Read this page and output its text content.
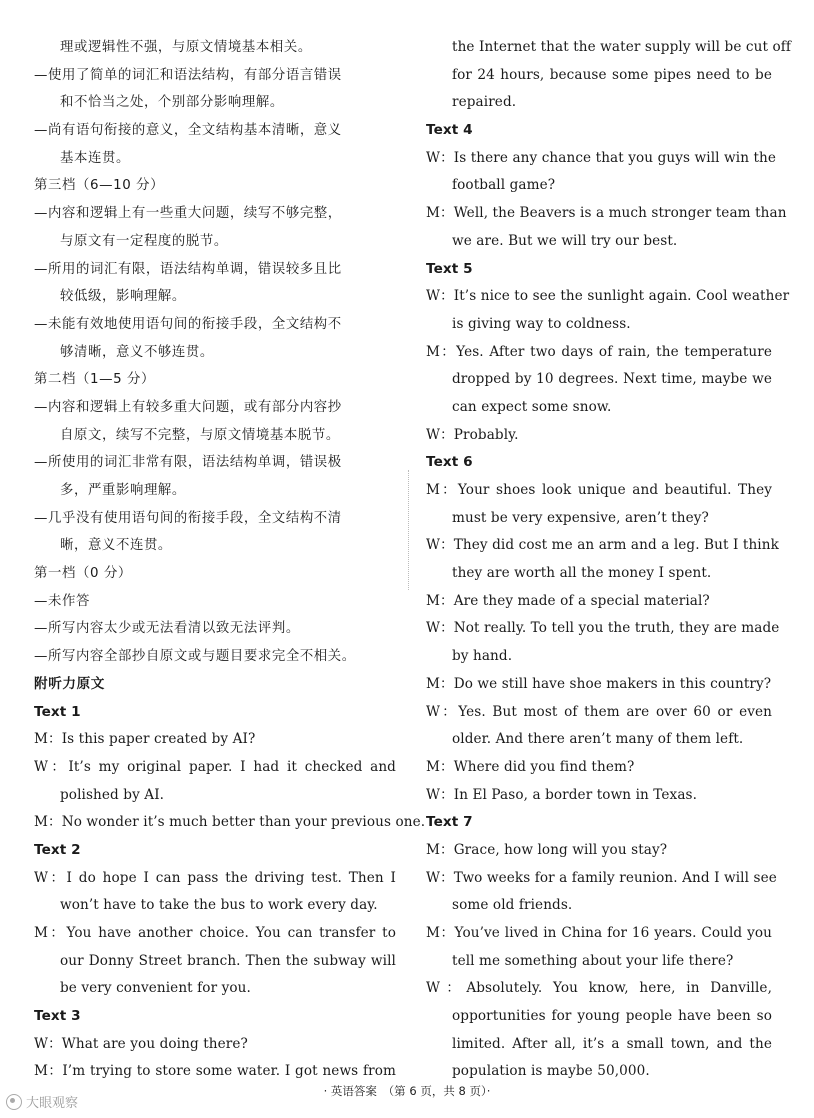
理或逻辑性不强，与原文情境基本相关。
—使用了简单的词汇和语法结构，有部分语言错误
和不恰当之处，个别部分影响理解。
—尚有语句衔接的意义，全文结构基本清晰，意义
基本连贯。
第三档（6—10 分）
—内容和逻辑上有一些重大问题，续写不够完整，
与原文有一定程度的脱节。
—所用的词汇有限，语法结构单调，错误较多且比
较低级，影响理解。
—未能有效地使用语句间的衔接手段，全文结构不
够清晰，意义不够连贯。
第二档（1—5 分）
—内容和逻辑上有较多重大问题，或有部分内容抄
自原文，续写不完整，与原文情境基本脱节。
—所使用的词汇非常有限，语法结构单调，错误极
多，严重影响理解。
—几乎没有使用语句间的衔接手段，全文结构不清
晰，意义不连贯。
第一档（0 分）
—未作答
—所写内容太少或无法看清以致无法评判。
—所写内容全部抄自原文或与题目要求完全不相关。
附听力原文
Text 1
M：Is this paper created by AI?
W：It’s my original paper. I had it checked and
polished by AI.
M：No wonder it’s much better than your previous one.
Text 2
W：I do hope I can pass the driving test. Then I
won’t have to take the bus to work every day.
M：You have another choice. You can transfer to
our Donny Street branch. Then the subway will
be very convenient for you.
Text 3
W：What are you doing there?
M：I’m trying to store some water. I got news from
the Internet that the water supply will be cut off
for 24 hours, because some pipes need to be
repaired.
Text 4
W：Is there any chance that you guys will win the
football game?
M：Well, the Beavers is a much stronger team than
we are. But we will try our best.
Text 5
W：It’s nice to see the sunlight again. Cool weather
is giving way to coldness.
M：Yes. After two days of rain, the temperature
dropped by 10 degrees. Next time, maybe we
can expect some snow.
W：Probably.
Text 6
M：Your shoes look unique and beautiful. They
must be very expensive, aren’t they?
W：They did cost me an arm and a leg. But I think
they are worth all the money I spent.
M：Are they made of a special material?
W：Not really. To tell you the truth, they are made
by hand.
M：Do we still have shoe makers in this country?
W：Yes. But most of them are over 60 or even
older. And there aren’t many of them left.
M：Where did you find them?
W：In El Paso, a border town in Texas.
Text 7
M：Grace, how long will you stay?
W：Two weeks for a family reunion. And I will see
some old friends.
M：You’ve lived in China for 16 years. Could you
tell me something about your life there?
W：Absolutely. You know, here, in Danville,
opportunities for young people have been so
limited. After all, it’s a small town, and the
population is maybe 50,000.
· 英语答案　（第 6 页，共 8 页）·
大眼观察
